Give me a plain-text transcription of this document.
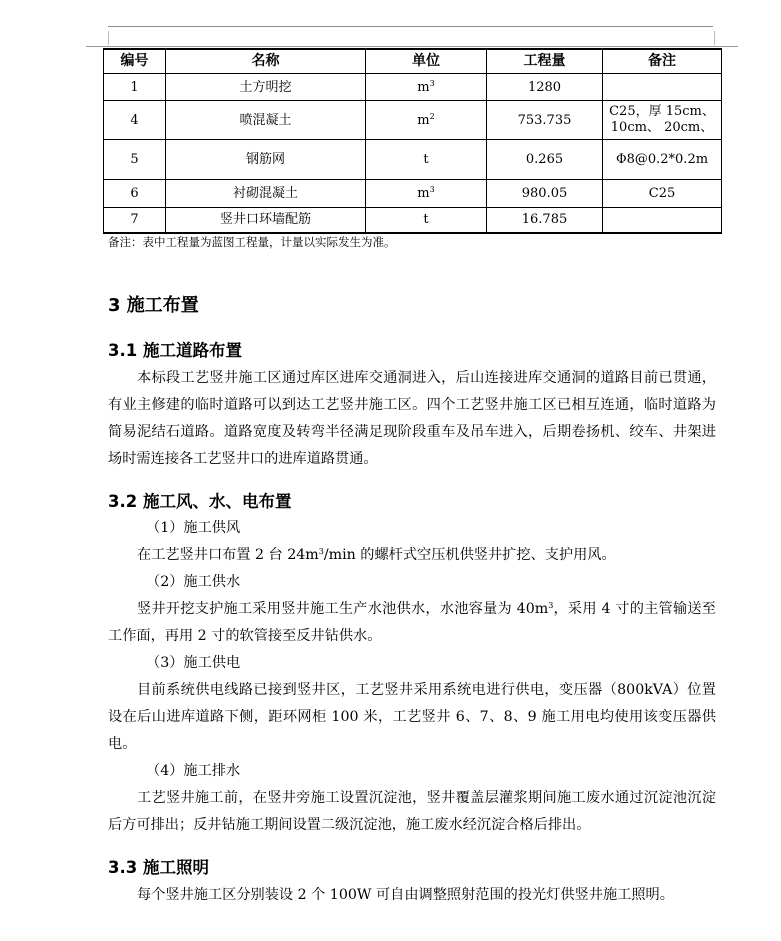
编号	名称	单位	工程量	备注
1	土方明挖	$m^3$	1280	

4	喷混凝土	$m^2$	753.735	C25，厚 15cm、
10cm、 20cm、

5	钢筋网	t	0.265	Φ8@0.2*0.2m

6	衬砌混凝土	$m^3$	980.05	C25

7	竖井口环墙配筋	t	16.785	
备注：表中工程量为蓝图工程量，计量以实际发生为准。
3 施工布置
3.1 施工道路布置
本标段工艺竖井施工区通过库区进库交通洞进入，后山连接进库交通洞的道路目前已贯通，有业主修建的临时道路可以到达工艺竖井施工区。四个工艺竖井施工区已相互连通，临时道路为简易泥结石道路。道路宽度及转弯半径满足现阶段重车及吊车进入，后期卷扬机、绞车、井架进场时需连接各工艺竖井口的进库道路贯通。
3.2 施工风、水、电布置
（1）施工供风
在工艺竖井口布置 2 台 $24m^3/\min$ 的螺杆式空压机供竖井扩挖、支护用风。
（2）施工供水
竖井开挖支护施工采用竖井施工生产水池供水，水池容量为 $40m^3$，采用 4 寸的主管输送至工作面，再用 2 寸的软管接至反井钻供水。
（3）施工供电
目前系统供电线路已接到竖井区，工艺竖井采用系统电进行供电，变压器（800kVA）位置设在后山进库道路下侧，距环网柜 100 米，工艺竖井 6、7、8、9 施工用电均使用该变压器供电。
（4）施工排水
工艺竖井施工前，在竖井旁施工设置沉淀池，竖井覆盖层灌浆期间施工废水通过沉淀池沉淀后方可排出；反井钻施工期间设置二级沉淀池，施工废水经沉淀合格后排出。
3.3 施工照明
每个竖井施工区分别装设 2 个 100W 可自由调整照射范围的投光灯供竖井施工照明。
